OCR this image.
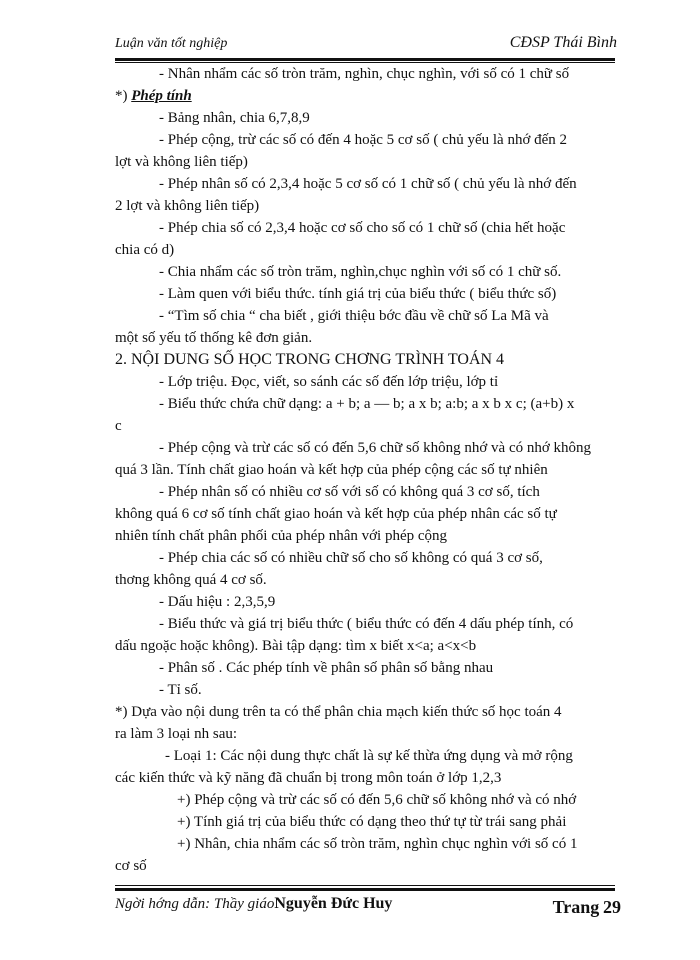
Luận văn tốt nghiệp	CĐSP Thái Bình
- Nhân nhẩm các số tròn trăm, nghìn, chục nghìn, với số có 1 chữ số
*) Phép tính
- Bảng nhân, chia 6,7,8,9
- Phép cộng, trừ các số có đến 4 hoặc 5 cơ số ( chủ yếu là nhớ đến 2
lợt và không liên tiếp)
- Phép nhân số có 2,3,4 hoặc 5 cơ số có 1 chữ số ( chủ yếu là nhớ đến
2 lợt và không liên tiếp)
- Phép chia số có 2,3,4 hoặc cơ số cho số có 1 chữ số (chia hết hoặc
chia có d)
- Chia nhẩm các số tròn trăm, nghìn,chục nghìn với số có 1 chữ số.
- Làm quen với biểu thức. tính giá trị của biểu thức ( biểu thức số)
- “Tìm số chia “ cha biết , giới thiệu bớc đầu về chữ số La Mã và
một số yếu tố thống kê đơn giản.
2. NỘI DUNG SỐ HỌC TRONG CHƠNG TRÌNH TOÁN 4
- Lớp triệu. Đọc, viết, so sánh các số đến lớp triệu, lớp tỉ
- Biểu thức chứa chữ dạng: a + b; a — b; a x b; a:b; a x b x c; (a+b) x
c
- Phép cộng và trừ các số có đến 5,6 chữ số không nhớ và có nhớ không
quá 3 lần. Tính chất giao hoán và kết hợp của phép cộng các số tự nhiên
- Phép nhân số có nhiều cơ số với số có không quá 3 cơ số, tích
không quá 6 cơ số tính chất giao hoán và kết hợp của phép nhân các số tự
nhiên tính chất phân phối của phép nhân với phép cộng
- Phép chia các số có nhiều chữ số cho số không có quá 3 cơ số,
thơng không quá 4 cơ số.
- Dấu hiệu : 2,3,5,9
- Biểu thức và giá trị biểu thức ( biểu thức có đến 4 dấu phép tính, có
dấu ngoặc hoặc không). Bài tập dạng: tìm x biết x<a; a<x<b
- Phân số . Các phép tính về phân số phân số bằng nhau
- Tỉ số.
*) Dựa vào nội dung trên ta có thể phân chia mạch kiến thức số học toán 4
ra làm 3 loại nh sau:
- Loại 1: Các nội dung thực chất là sự kế thừa ứng dụng và mở rộng
các kiến thức và kỹ năng đã chuẩn bị trong môn toán ở lớp 1,2,3
+) Phép cộng và trừ các số có đến 5,6 chữ số không nhớ và có nhớ
+) Tính giá trị của biểu thức có dạng theo thứ tự từ trái sang phải
+) Nhân, chia nhẩm các số tròn trăm, nghìn chục nghìn với số có 1
cơ số
Ngời hớng dẫn: Thầy giáoNguyễn Đức Huy	Trang 29
